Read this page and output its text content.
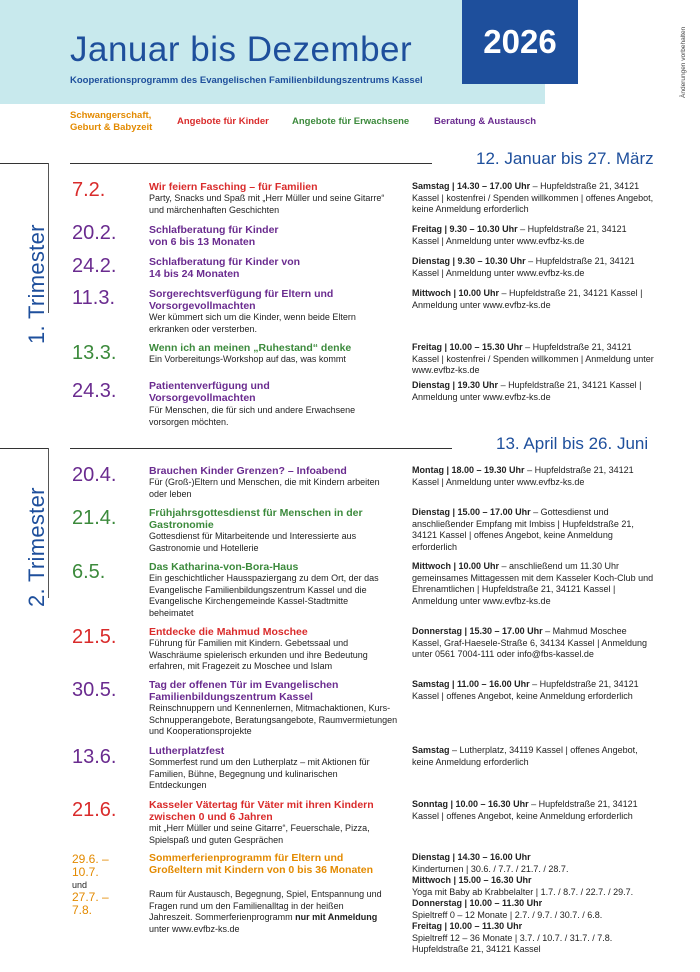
Januar bis Dezember
Kooperationsprogramm des Evangelischen Familienbildungszentrums Kassel
2026	Änderungen vorbehalten
Schwangerschaft,
Geburt & Babyzeit
Angebote für Kinder Angebote für Erwachsene	Beratung & Austausch
12. Januar bis 27. März
1. Trimester
13. April bis 26. Juni
2. Trimester
7.2.	Wir feiern Fasching – für Familien
Party, Snacks und Spaß mit „Herr Müller und seine Gitarre“ und märchenhaften Geschichten
Samstag | 14.30 – 17.00 Uhr – Hupfeldstraße 21, 34121 Kassel | kostenfrei / Spenden willkommen | offenes Angebot, keine Anmeldung erforderlich
20.2.	Schlafberatung für Kinder von 6 bis 13 Monaten
Freitag | 9.30 – 10.30 Uhr – Hupfeldstraße 21, 34121 Kassel | Anmeldung unter www.evfbz-ks.de
24.2.	Schlafberatung für Kinder von 14 bis 24 Monaten
Dienstag | 9.30 – 10.30 Uhr – Hupfeldstraße 21, 34121 Kassel | Anmeldung unter www.evfbz-ks.de
11.3.	Sorgerechtsverfügung für Eltern und Vorsorgevollmachten
Wer kümmert sich um die Kinder, wenn beide Eltern erkranken oder versterben.
Mittwoch | 10.00 Uhr – Hupfeldstraße 21, 34121 Kassel | Anmeldung unter www.evfbz-ks.de
13.3.	Wenn ich an meinen „Ruhestand“ denke
Ein Vorbereitungs-Workshop auf das, was kommt
Freitag | 10.00 – 15.30 Uhr – Hupfeldstraße 21, 34121 Kassel | kostenfrei / Spenden willkommen | Anmeldung unter www.evfbz-ks.de
24.3.	Patientenverfügung und Vorsorgevollmachten
Für Menschen, die für sich und andere Erwachsene vorsorgen möchten.
Dienstag | 19.30 Uhr – Hupfeldstraße 21, 34121 Kassel | Anmeldung unter www.evfbz-ks.de
20.4.	Brauchen Kinder Grenzen? – Infoabend
Für (Groß-)Eltern und Menschen, die mit Kindern arbeiten oder leben
Montag | 18.00 – 19.30 Uhr – Hupfeldstraße 21, 34121 Kassel | Anmeldung unter www.evfbz-ks.de
21.4.	Frühjahrsgottesdienst für Menschen in der Gastronomie
Gottesdienst für Mitarbeitende und Interessierte aus Gastronomie und Hotellerie
Dienstag | 15.00 – 17.00 Uhr – Gottesdienst und anschließender Empfang mit Imbiss | Hupfeldstraße 21, 34121 Kassel | offenes Angebot, keine Anmeldung erforderlich
6.5.	Das Katharina-von-Bora-Haus
Ein geschichtlicher Hausspaziergang zu dem Ort, der das Evangelische Familienbildungszentrum Kassel und die Evangelische Kirchengemeinde Kassel-Stadtmitte beheimatet
Mittwoch | 10.00 Uhr – anschließend um 11.30 Uhr gemeinsames Mittagessen mit dem Kasseler Koch-Club und Ehrenamtlichen | Hupfeldstraße 21, 34121 Kassel | Anmeldung unter www.evfbz-ks.de
21.5.	Entdecke die Mahmud Moschee
Führung für Familien mit Kindern. Gebetssaal und Waschräume spielerisch erkunden und ihre Bedeutung erfahren, mit Fragezeit zu Moschee und Islam
Donnerstag | 15.30 – 17.00 Uhr – Mahmud Moschee Kassel, Graf-Haesele-Straße 6, 34134 Kassel | Anmeldung unter 0561 7004-111 oder info@fbs-kassel.de
30.5.	Tag der offenen Tür im Evangelischen Familienbildungszentrum Kassel
Reinschnuppern und Kennenlernen, Mitmachaktionen, Kurs-Schnupperangebote, Beratungsangebote, Raumvermietungen und Kooperationsprojekte
Samstag | 11.00 – 16.00 Uhr – Hupfeldstraße 21, 34121 Kassel | offenes Angebot, keine Anmeldung erforderlich
13.6.	Lutherplatzfest
Sommerfest rund um den Lutherplatz – mit Aktionen für Familien, Bühne, Begegnung und kulinarischen Entdeckungen
Samstag – Lutherplatz, 34119 Kassel | offenes Angebot, keine Anmeldung erforderlich
21.6.	Kasseler Vätertag für Väter mit ihren Kindern zwischen 0 und 6 Jahren
mit „Herr Müller und seine Gitarre“, Feuerschale, Pizza, Spielspaß und guten Gesprächen
Sonntag | 10.00 – 16.30 Uhr – Hupfeldstraße 21, 34121 Kassel | offenes Angebot, keine Anmeldung erforderlich
29.6. –
10.7.
und
27.7. –
7.8.
Sommerferienprogramm für Eltern und Großeltern mit Kindern von 0 bis 36 Monaten
Raum für Austausch, Begegnung, Spiel, Entspannung und Fragen rund um den Familienalltag in der heißen Jahreszeit. Sommerferienprogramm nur mit Anmeldung unter www.evfbz-ks.de
Dienstag | 14.30 – 16.00 Uhr
Kinderturnen | 30.6. / 7.7. / 21.7. / 28.7.
Mittwoch | 15.00 – 16.30 Uhr
Yoga mit Baby ab Krabbelalter | 1.7. / 8.7. / 22.7. / 29.7.
Donnerstag | 10.00 – 11.30 Uhr
Spieltreff 0 – 12 Monate | 2.7. / 9.7. / 30.7. / 6.8.
Freitag | 10.00 – 11.30 Uhr
Spieltreff 12 – 36 Monate | 3.7. / 10.7. / 31.7. / 7.8.
Hupfeldstraße 21, 34121 Kassel
